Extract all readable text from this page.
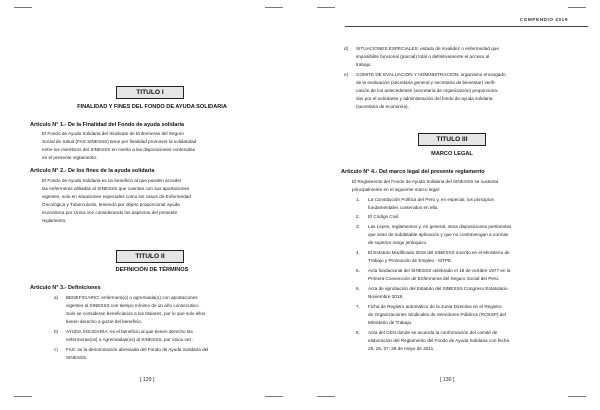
TITULO I
FINALIDAD Y FINES DEL FONDO DE AYUDA SOLIDARIA
Articulo N° 1.- De la Finalidad del Fondo de ayuda solidaria
El Fondo de Ayuda Solidaria del Sindicato de Enfermeras del Seguro
Social de Salud (FAS SINESSS) tiene por finalidad promover la solidaridad
entre los miembros del SINESSS en merito a las disposiciones contenidas
en el presente reglamento.
Articulo N° 2.- De los fines de la ayuda solidaria
El Fondo de Ayuda Solidaria es un beneficio al que pueden acceder
las enfermeras afiliadas al SINESSS que cuentan con sus aportaciones
vigentes, solo en situaciones especiales como los casos de Enfermedad
Oncológica y Tuberculosis, teniendo por objeto proporcionar ayuda
económica por Única vez considerando los aspectos del presente
reglamento.
TITULO II
DEFINICIÓN DE TÉRMINOS
Articulo N° 3.- Definiciones
a) BENEFICIARIO: enfermera(o) o agremiada(o) con aportaciones
vigentes al SINESSS con tiempo mínimo de un año consecutivo.
Solo se consideran beneficiarios a los titulares, por lo que solo ellos
tienen derecho a gozar del beneficio.
b) AYUDA SOLIDARIA: es el beneficio al que tienen derecho las
enfermeras(os) o Agremiadas(os) al SINESSS, por única vez.
c) FAS: es la denominación abreviada del Fondo de Ayuda Solidaria del
SINESSS.
[ 129 ]
COMPENDIO 2019
d) SITUACIONES ESPECIALES: estado de invalidez o enfermedad que
imposibilite funcional (parcial) total o definitivamente el acceso al
trabajo.
e) COMITE DE EVALUACION Y ADMINISTRACION: organismo encargado
de la evaluación (secretaria general y secretaria de bienestar) verifi-
cación de los antecedentes (secretaria de organización) proporciona-
dos por el solicitante y administración del fondo de ayuda solidaria
(secretaria de economía).
TITULO III
MARCO LEGAL
Articulo N° 4.- Del marco legal del presente reglamento
El Reglamento del Fondo de Ayuda Solidaria del SINESSS se sustenta
principalmente en el siguiente marco legal:
1. La Constitución Política del Perú y, en especial, los principios
fundamentales contenidos en ella.
2. El Código Civil.
3. Las Leyes, reglamentos y, en general, otras disposiciones pertinentes
que sean de indubitable aplicación y que no contravengan a normas
de superior rango jerárquico.
4. El Estatuto Modificado 2018 del SINESSS inscrito en el Ministerio de
Trabajo y Promoción de Empleo - MTPE.
5. Acta fundacional del SINESSS celebrado el 18 de octubre 1977 en la
Primera Convención de Enfermeras del Seguro Social del Perú.
6. Acta de aprobación del Estatuto del SINESSS Congreso Estatutario
Noviembre 2018.
7. Ficha de Registro automático de la Junta Directiva en el Registro
de Organizaciones Sindicales de Servidores Públicos (ROSSP) del
Ministerio de Trabajo.
8. Acta del CEN donde se acuerda la conformación del comité de
elaboración del Reglamento del Fondo de Ayuda Solidaria con fecha
25, 26, 27, 28 de mayo de 2011.
[ 130 ]
